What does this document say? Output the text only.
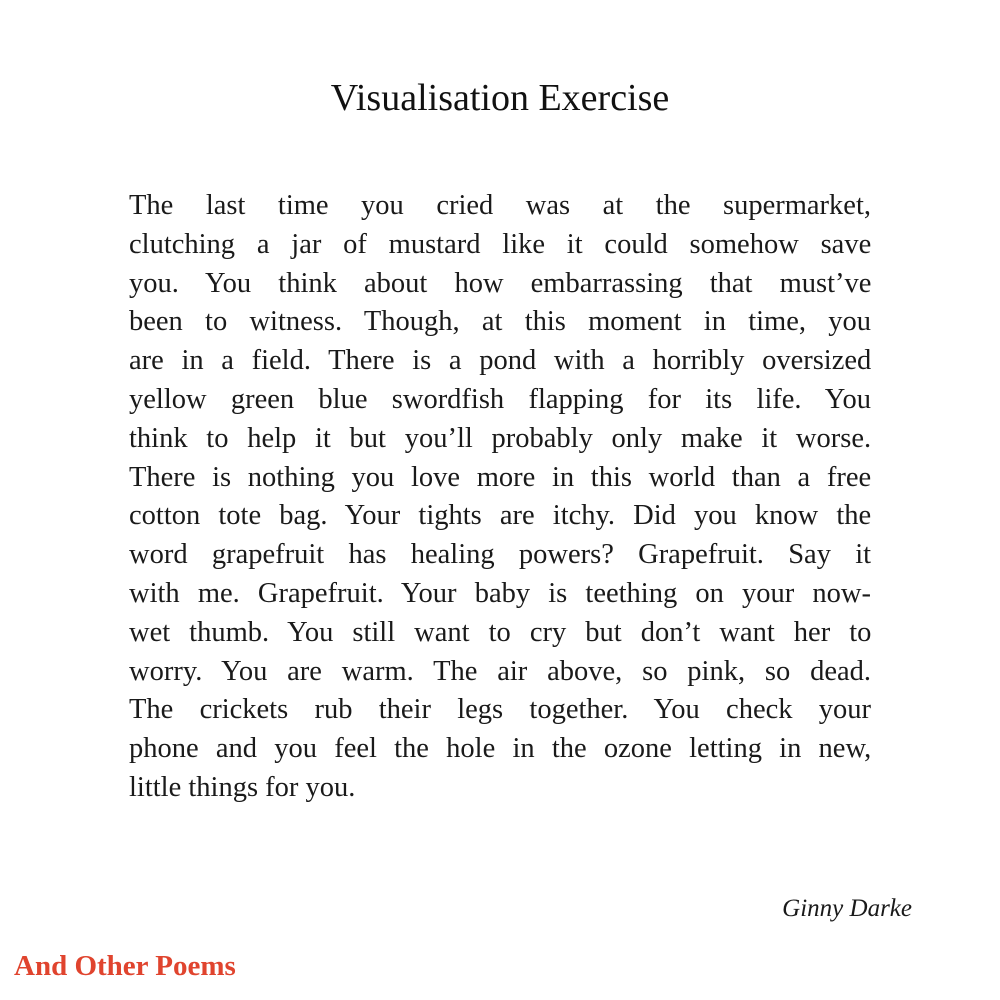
Visualisation Exercise
The last time you cried was at the supermarket,
clutching a jar of mustard like it could somehow save
you. You think about how embarrassing that must’ve
been to witness. Though, at this moment in time, you
are in a field. There is a pond with a horribly oversized
yellow green blue swordfish flapping for its life. You
think to help it but you’ll probably only make it worse.
There is nothing you love more in this world than a free
cotton tote bag. Your tights are itchy. Did you know the
word grapefruit has healing powers? Grapefruit. Say it
with me. Grapefruit. Your baby is teething on your now-
wet thumb. You still want to cry but don’t want her to
worry. You are warm. The air above, so pink, so dead.
The crickets rub their legs together. You check your
phone and you feel the hole in the ozone letting in new,
little things for you.
Ginny Darke
And Other Poems
